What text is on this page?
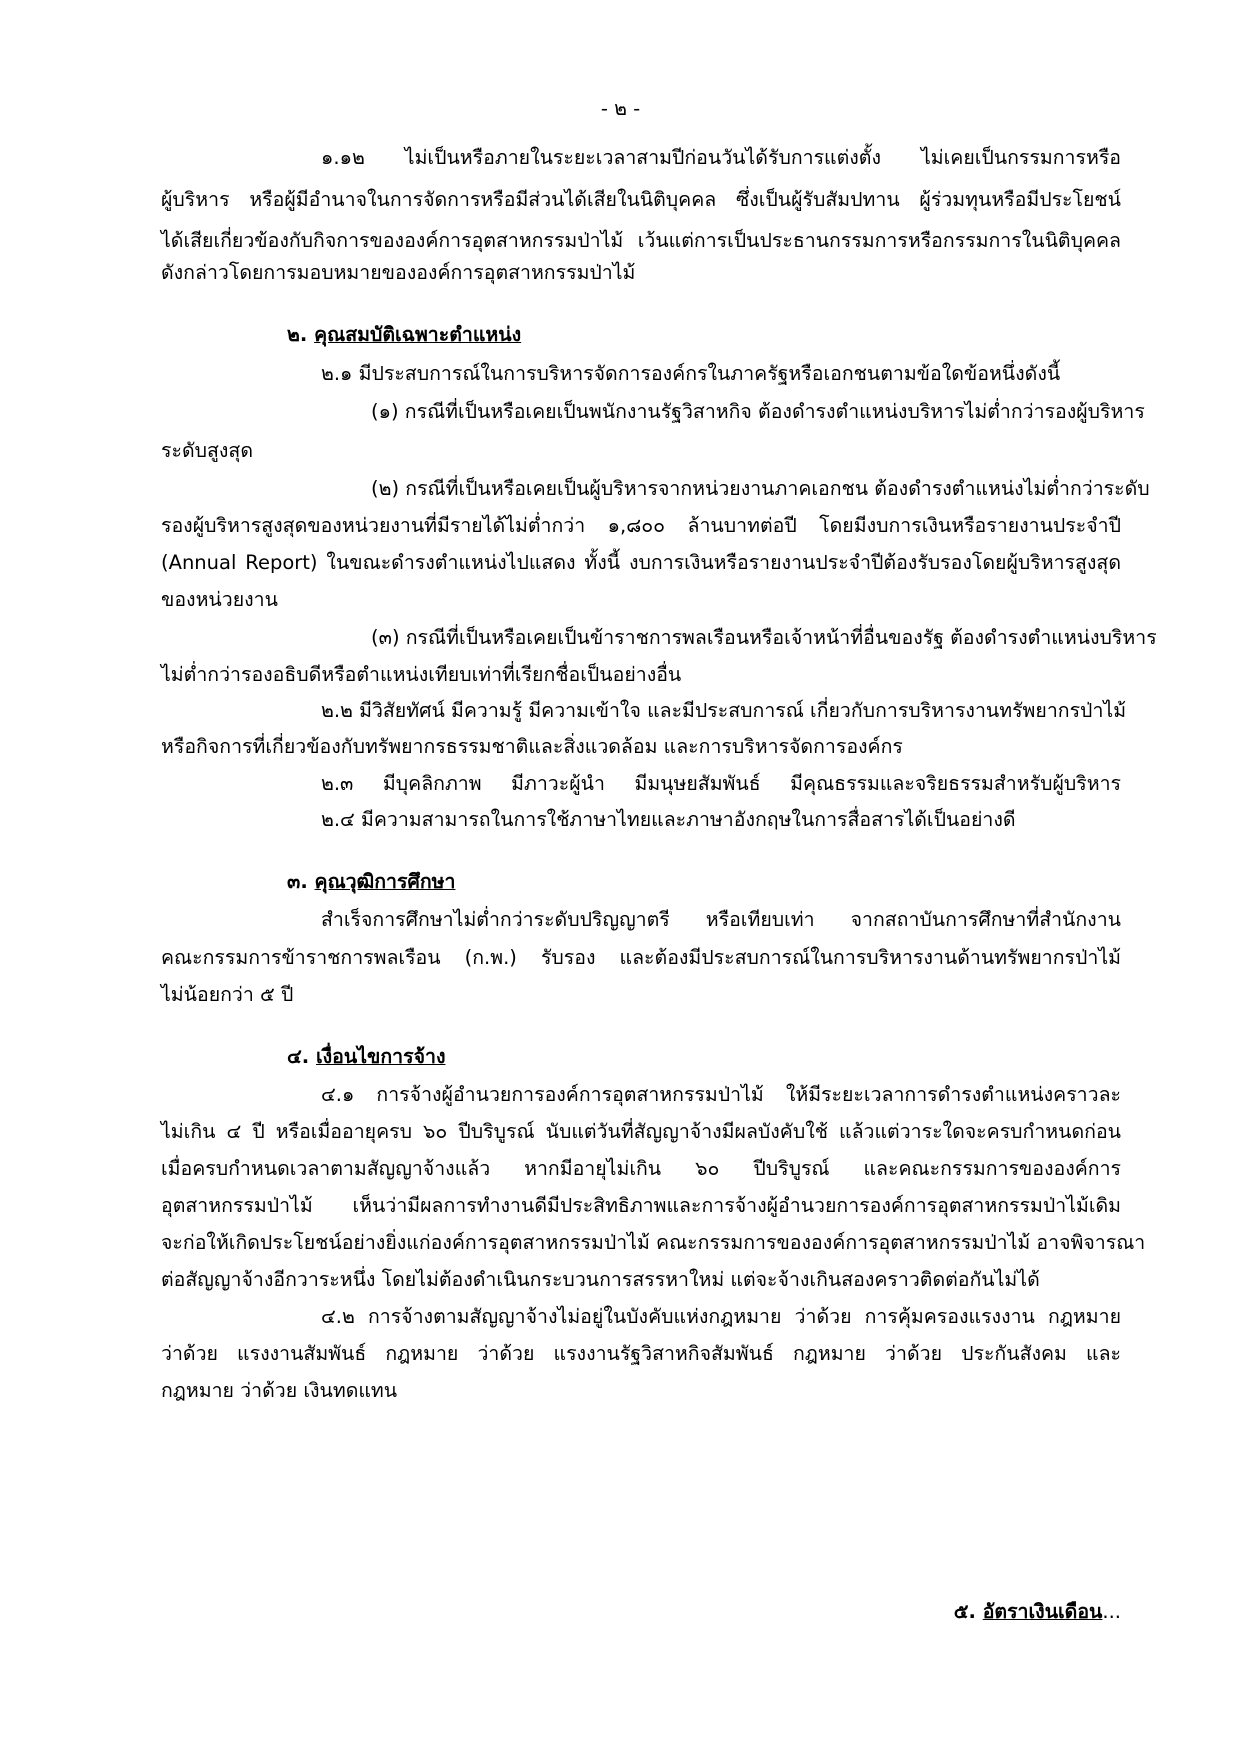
- ๒ -
๑.๑๒ ไม่เป็นหรือภายในระยะเวลาสามปีก่อนวันได้รับการแต่งตั้ง ไม่เคยเป็นกรรมการหรือ
ผู้บริหาร หรือผู้มีอำนาจในการจัดการหรือมีส่วนได้เสียในนิติบุคคล ซึ่งเป็นผู้รับสัมปทาน ผู้ร่วมทุนหรือมีประโยชน์
ได้เสียเกี่ยวข้องกับกิจการขององค์การอุตสาหกรรมป่าไม้ เว้นแต่การเป็นประธานกรรมการหรือกรรมการในนิติบุคคล
ดังกล่าวโดยการมอบหมายขององค์การอุตสาหกรรมป่าไม้
๒. คุณสมบัติเฉพาะตำแหน่ง
๒.๑ มีประสบการณ์ในการบริหารจัดการองค์กรในภาครัฐหรือเอกชนตามข้อใดข้อหนึ่งดังนี้
(๑) กรณีที่เป็นหรือเคยเป็นพนักงานรัฐวิสาหกิจ ต้องดำรงตำแหน่งบริหารไม่ต่ำกว่ารองผู้บริหาร
ระดับสูงสุด
(๒) กรณีที่เป็นหรือเคยเป็นผู้บริหารจากหน่วยงานภาคเอกชน ต้องดำรงตำแหน่งไม่ต่ำกว่าระดับ
รองผู้บริหารสูงสุดของหน่วยงานที่มีรายได้ไม่ต่ำกว่า ๑,๘๐๐ ล้านบาทต่อปี โดยมีงบการเงินหรือรายงานประจำปี
(Annual Report) ในขณะดำรงตำแหน่งไปแสดง ทั้งนี้ งบการเงินหรือรายงานประจำปีต้องรับรองโดยผู้บริหารสูงสุด
ของหน่วยงาน
(๓) กรณีที่เป็นหรือเคยเป็นข้าราชการพลเรือนหรือเจ้าหน้าที่อื่นของรัฐ ต้องดำรงตำแหน่งบริหาร
ไม่ต่ำกว่ารองอธิบดีหรือตำแหน่งเทียบเท่าที่เรียกชื่อเป็นอย่างอื่น
๒.๒ มีวิสัยทัศน์ มีความรู้ มีความเข้าใจ และมีประสบการณ์ เกี่ยวกับการบริหารงานทรัพยากรป่าไม้
หรือกิจการที่เกี่ยวข้องกับทรัพยากรธรรมชาติและสิ่งแวดล้อม และการบริหารจัดการองค์กร
๒.๓ มีบุคลิกภาพ มีภาวะผู้นำ มีมนุษยสัมพันธ์ มีคุณธรรมและจริยธรรมสำหรับผู้บริหาร
๒.๔ มีความสามารถในการใช้ภาษาไทยและภาษาอังกฤษในการสื่อสารได้เป็นอย่างดี
๓. คุณวุฒิการศึกษา
สำเร็จการศึกษาไม่ต่ำกว่าระดับปริญญาตรี หรือเทียบเท่า จากสถาบันการศึกษาที่สำนักงาน
คณะกรรมการข้าราชการพลเรือน (ก.พ.) รับรอง และต้องมีประสบการณ์ในการบริหารงานด้านทรัพยากรป่าไม้
ไม่น้อยกว่า ๕ ปี
๔. เงื่อนไขการจ้าง
๔.๑ การจ้างผู้อำนวยการองค์การอุตสาหกรรมป่าไม้ ให้มีระยะเวลาการดำรงตำแหน่งคราวละ
ไม่เกิน ๔ ปี หรือเมื่ออายุครบ ๖๐ ปีบริบูรณ์ นับแต่วันที่สัญญาจ้างมีผลบังคับใช้ แล้วแต่วาระใดจะครบกำหนดก่อน
เมื่อครบกำหนดเวลาตามสัญญาจ้างแล้ว หากมีอายุไม่เกิน ๖๐ ปีบริบูรณ์ และคณะกรรมการขององค์การ
อุตสาหกรรมป่าไม้ เห็นว่ามีผลการทำงานดีมีประสิทธิภาพและการจ้างผู้อำนวยการองค์การอุตสาหกรรมป่าไม้เดิม
จะก่อให้เกิดประโยชน์อย่างยิ่งแก่องค์การอุตสาหกรรมป่าไม้ คณะกรรมการขององค์การอุตสาหกรรมป่าไม้ อาจพิจารณา
ต่อสัญญาจ้างอีกวาระหนึ่ง โดยไม่ต้องดำเนินกระบวนการสรรหาใหม่ แต่จะจ้างเกินสองคราวติดต่อกันไม่ได้
๔.๒ การจ้างตามสัญญาจ้างไม่อยู่ในบังคับแห่งกฎหมาย ว่าด้วย การคุ้มครองแรงงาน กฎหมาย
ว่าด้วย แรงงานสัมพันธ์ กฎหมาย ว่าด้วย แรงงานรัฐวิสาหกิจสัมพันธ์ กฎหมาย ว่าด้วย ประกันสังคม และ
กฎหมาย ว่าด้วย เงินทดแทน
๕. อัตราเงินเดือน...
